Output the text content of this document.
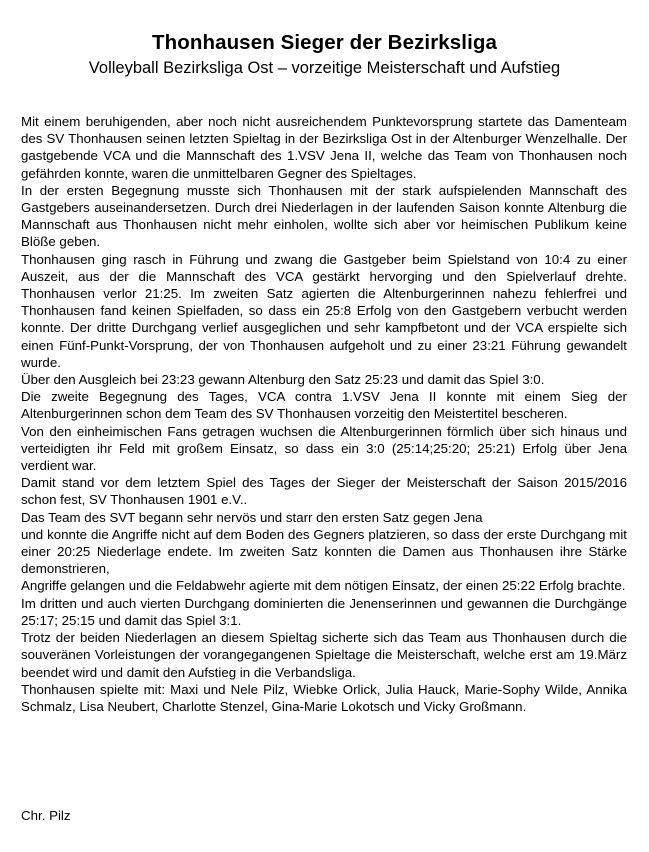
Thonhausen Sieger der Bezirksliga
Volleyball Bezirksliga Ost – vorzeitige Meisterschaft und Aufstieg

Mit einem beruhigenden, aber noch nicht ausreichendem Punktevorsprung startete das Damenteam des SV Thonhausen seinen letzten Spieltag in der Bezirksliga Ost in der Altenburger Wenzelhalle. Der gastgebende VCA und die Mannschaft des 1.VSV Jena II, welche das Team von Thonhausen noch gefährden konnte, waren die unmittelbaren Gegner des Spieltages.

In der ersten Begegnung musste sich Thonhausen mit der stark aufspielenden Mannschaft des Gastgebers auseinandersetzen. Durch drei Niederlagen in der laufenden Saison konnte Altenburg die Mannschaft aus Thonhausen nicht mehr einholen, wollte sich aber vor heimischen Publikum keine Blöße geben.

Thonhausen ging rasch in Führung und zwang die Gastgeber beim Spielstand von 10:4 zu einer Auszeit, aus der die Mannschaft des VCA gestärkt hervorging und den Spielverlauf drehte. Thonhausen verlor 21:25. Im zweiten Satz agierten die Altenburgerinnen nahezu fehlerfrei und Thonhausen fand keinen Spielfaden, so dass ein 25:8 Erfolg von den Gastgebern verbucht werden konnte. Der dritte Durchgang verlief ausgeglichen und sehr kampfbetont und der VCA erspielte sich einen Fünf-Punkt-Vorsprung, der von Thonhausen aufgeholt und zu einer 23:21 Führung gewandelt wurde.

Über den Ausgleich bei 23:23 gewann Altenburg den Satz 25:23 und damit das Spiel 3:0.

Die zweite Begegnung des Tages, VCA contra 1.VSV Jena II konnte mit einem Sieg der Altenburgerinnen schon dem Team des SV Thonhausen vorzeitig den Meistertitel bescheren.

Von den einheimischen Fans getragen wuchsen die Altenburgerinnen förmlich über sich hinaus und verteidigten ihr Feld mit großem Einsatz, so dass ein 3:0 (25:14;25:20; 25:21) Erfolg über Jena verdient war.

Damit stand vor dem letztem Spiel des Tages der Sieger der Meisterschaft der Saison 2015/2016 schon fest, SV Thonhausen 1901 e.V..

Das Team des SVT begann sehr nervös und starr den ersten Satz gegen Jena

und konnte die Angriffe nicht auf dem Boden des Gegners platzieren, so dass der erste Durchgang mit einer 20:25 Niederlage endete. Im zweiten Satz konnten die Damen aus Thonhausen ihre Stärke demonstrieren,

Angriffe gelangen und die Feldabwehr agierte mit dem nötigen Einsatz, der einen 25:22 Erfolg brachte.

Im dritten und auch vierten Durchgang dominierten die Jenenserinnen und gewannen die Durchgänge 25:17; 25:15 und damit das Spiel 3:1.

Trotz der beiden Niederlagen an diesem Spieltag sicherte sich das Team aus Thonhausen durch die souveränen Vorleistungen der vorangegangenen Spieltage die Meisterschaft, welche erst am 19.März beendet wird und damit den Aufstieg in die Verbandsliga.

Thonhausen spielte mit: Maxi und Nele Pilz, Wiebke Orlick, Julia Hauck, Marie-Sophy Wilde, Annika Schmalz, Lisa Neubert, Charlotte Stenzel, Gina-Marie Lokotsch und Vicky Großmann.

Chr. Pilz
